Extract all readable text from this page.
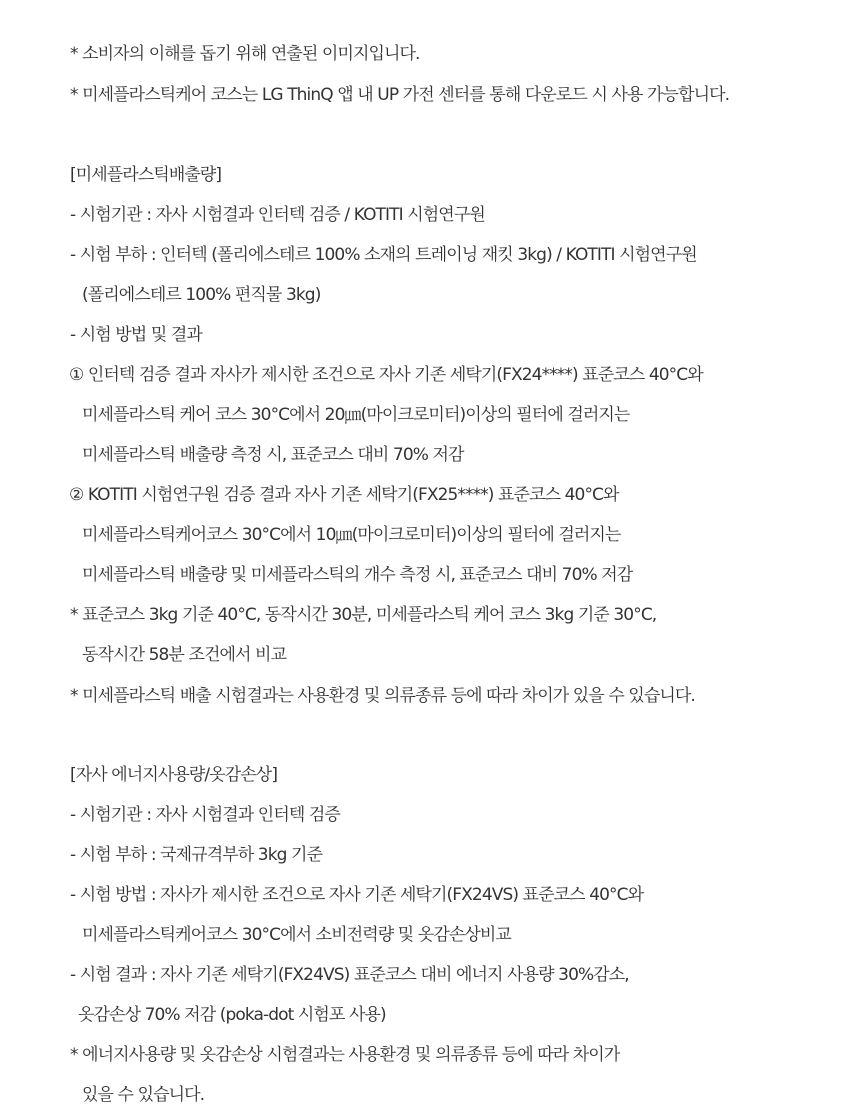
* 소비자의 이해를 돕기 위해 연출된 이미지입니다.
* 미세플라스틱케어 코스는 LG ThinQ 앱 내 UP 가전 센터를 통해 다운로드 시 사용 가능합니다.
[미세플라스틱배출량]
- 시험기관 : 자사 시험결과 인터텍 검증 / KOTITI 시험연구원
- 시험 부하 : 인터텍 (폴리에스테르 100% 소재의 트레이닝 재킷 3kg) / KOTITI 시험연구원
(폴리에스테르 100% 편직물 3kg)
- 시험 방법 및 결과
① 인터텍 검증 결과 자사가 제시한 조건으로 자사 기존 세탁기(FX24****) 표준코스 40°C와
미세플라스틱 케어 코스 30°C에서 20㎛(마이크로미터)이상의 필터에 걸러지는
미세플라스틱 배출량 측정 시, 표준코스 대비 70% 저감
② KOTITI 시험연구원 검증 결과 자사 기존 세탁기(FX25****) 표준코스 40°C와
미세플라스틱케어코스 30°C에서 10㎛(마이크로미터)이상의 필터에 걸러지는
미세플라스틱 배출량 및 미세플라스틱의 개수 측정 시, 표준코스 대비 70% 저감
* 표준코스 3kg 기준 40°C, 동작시간 30분, 미세플라스틱 케어 코스 3kg 기준 30°C,
동작시간 58분 조건에서 비교
* 미세플라스틱 배출 시험결과는 사용환경 및 의류종류 등에 따라 차이가 있을 수 있습니다.
[자사 에너지사용량/옷감손상]
- 시험기관 : 자사 시험결과 인터텍 검증
- 시험 부하 : 국제규격부하 3kg 기준
- 시험 방법 : 자사가 제시한 조건으로 자사 기존 세탁기(FX24VS) 표준코스 40°C와
미세플라스틱케어코스 30°C에서 소비전력량 및 옷감손상비교
- 시험 결과 : 자사 기존 세탁기(FX24VS) 표준코스 대비 에너지 사용량 30%감소,
옷감손상 70% 저감 (poka-dot 시험포 사용)
* 에너지사용량 및 옷감손상 시험결과는 사용환경 및 의류종류 등에 따라 차이가
있을 수 있습니다.
